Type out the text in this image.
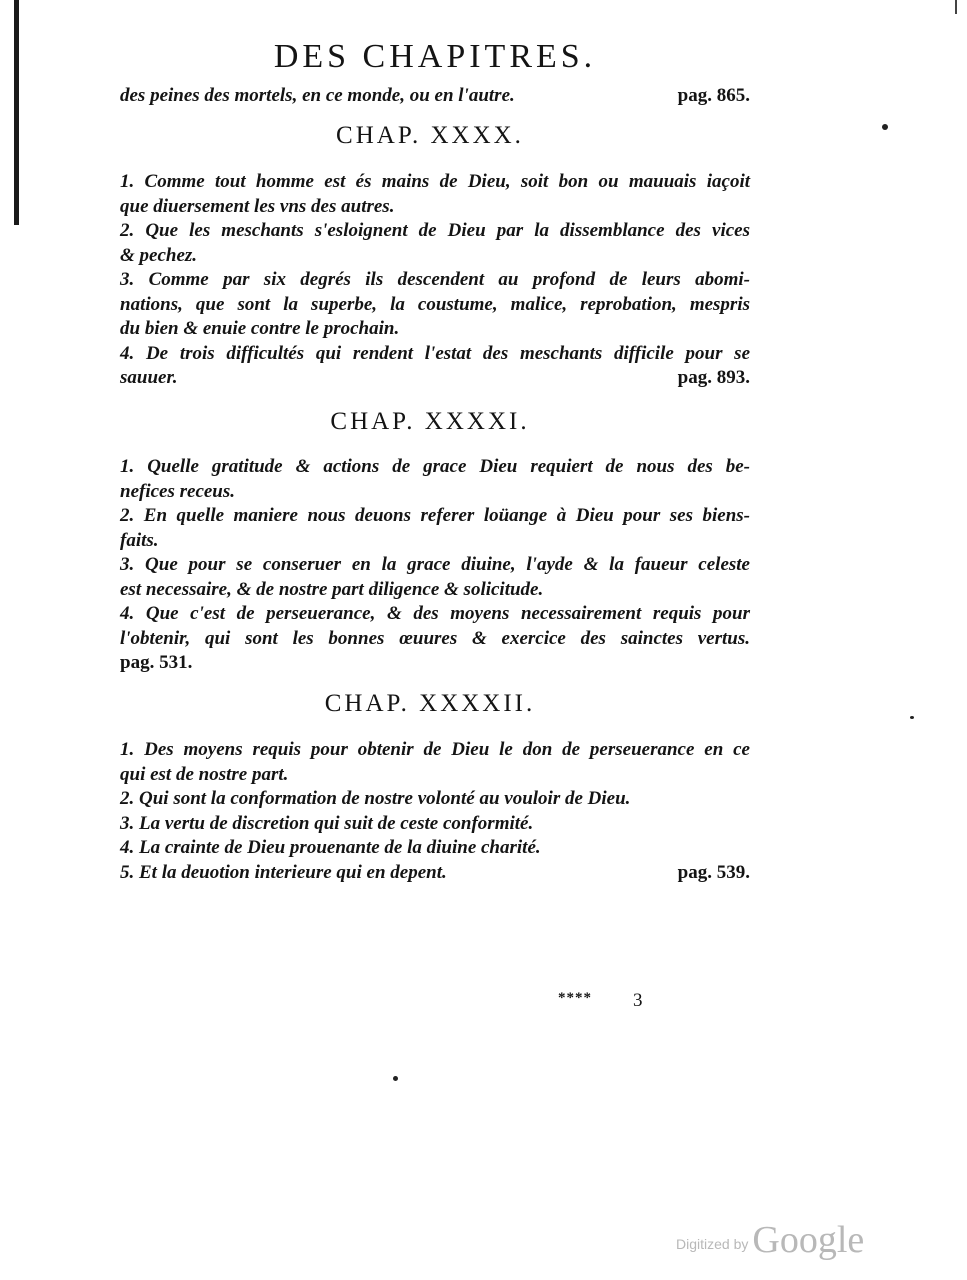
DES CHAPITRES.
des peines des mortels, en ce monde, ou en l'autre.	pag. 865.
CHAP. XXXX.
1. Comme tout homme est és mains de Dieu, soit bon ou mauuais iaçoit
que diuersement les vns des autres.
2. Que les meschants s'esloignent de Dieu par la dissemblance des vices
& pechez.
3. Comme par six degrés ils descendent au profond de leurs abomi-
nations, que sont la superbe, la coustume, malice, reprobation, mespris
du bien & enuie contre le prochain.
4. De trois difficultés qui rendent l'estat des meschants difficile pour se
sauuer.	pag. 893.
CHAP. XXXXI.
1. Quelle gratitude & actions de grace Dieu requiert de nous des be-
nefices receus.
2. En quelle maniere nous deuons referer loüange à Dieu pour ses biens-
faits.
3. Que pour se conseruer en la grace diuine, l'ayde & la faueur celeste
est necessaire, & de nostre part diligence & solicitude.
4. Que c'est de perseuerance, & des moyens necessairement requis pour
l'obtenir, qui sont les bonnes œuures & exercice des sainctes vertus.
pag. 531.
CHAP. XXXXII.
1. Des moyens requis pour obtenir de Dieu le don de perseuerance en ce
qui est de nostre part.
2. Qui sont la conformation de nostre volonté au vouloir de Dieu.
3. La vertu de discretion qui suit de ceste conformité.
4. La crainte de Dieu prouenante de la diuine charité.
5. Et la deuotion interieure qui en depent.	pag. 539.
**** 3
Digitized by Google
